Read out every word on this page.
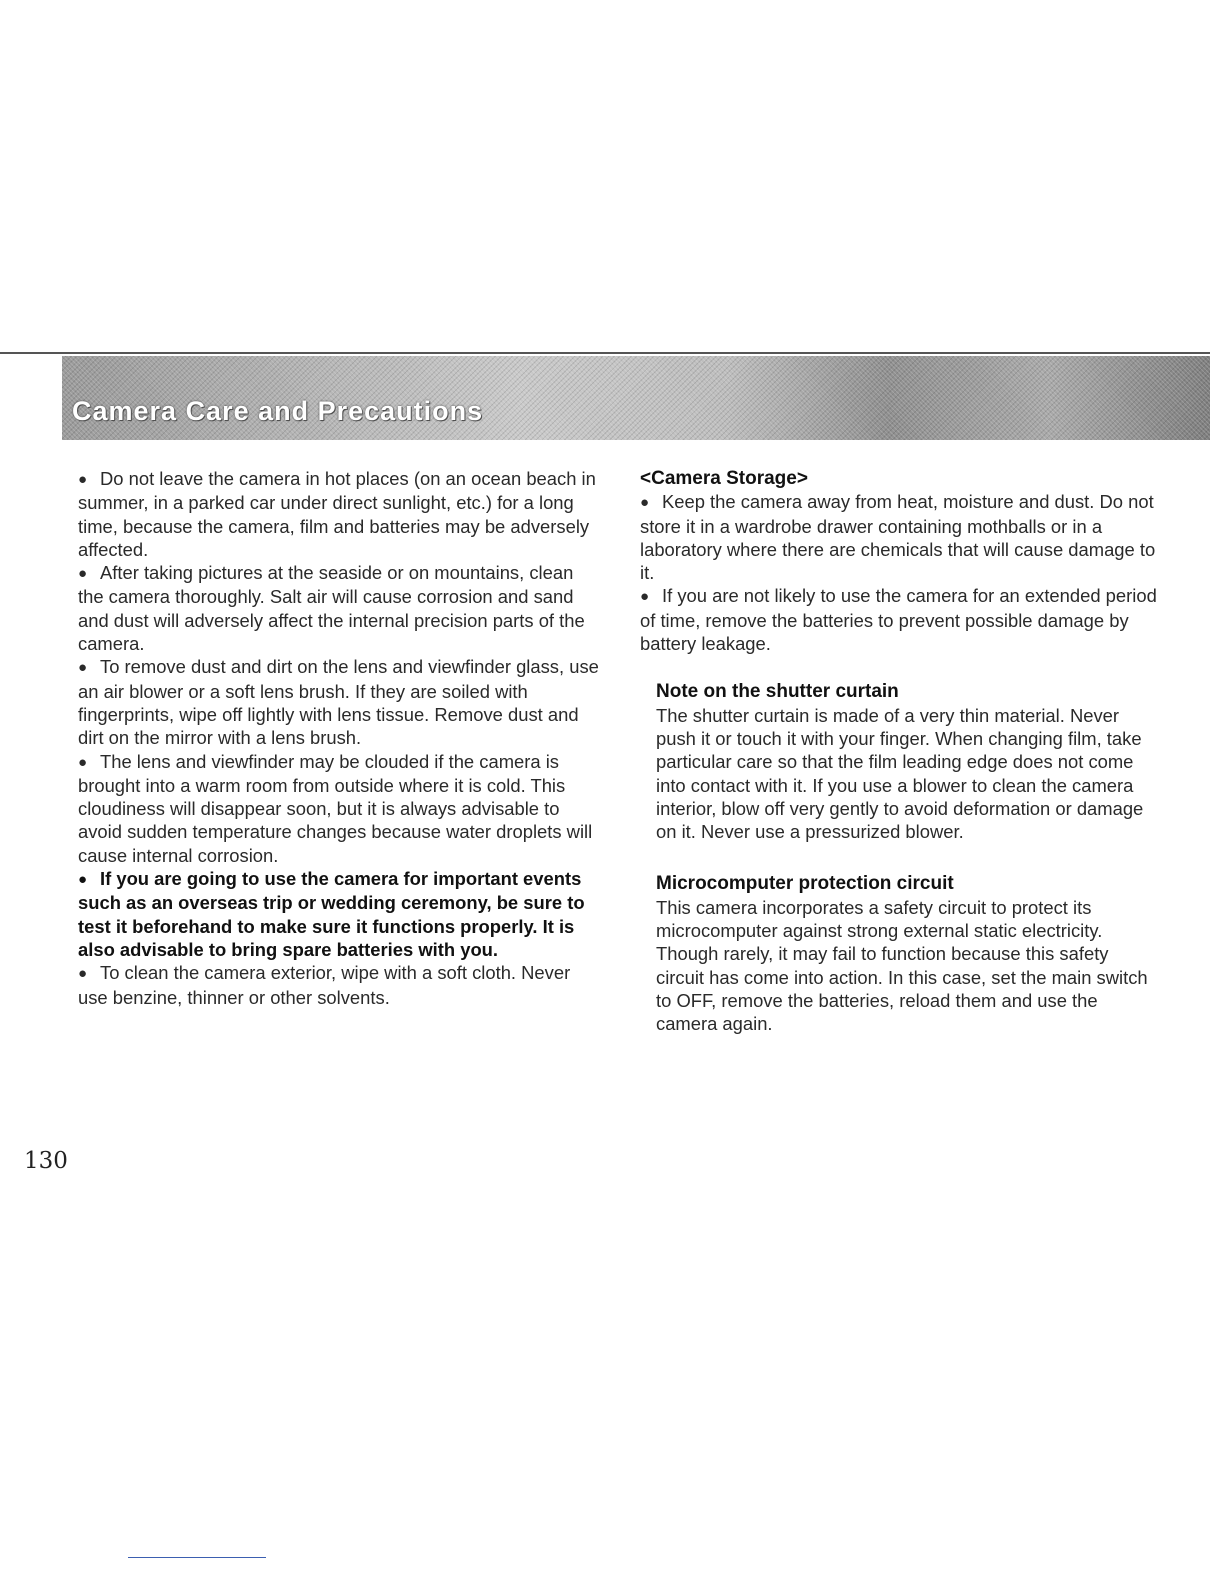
Camera Care and Precautions

● Do not leave the camera in hot places (on an ocean beach in summer, in a parked car under direct sunlight, etc.) for a long time, because the camera, film and batteries may be adversely affected.

● After taking pictures at the seaside or on mountains, clean the camera thoroughly. Salt air will cause corrosion and sand and dust will adversely affect the internal precision parts of the camera.

● To remove dust and dirt on the lens and viewfinder glass, use an air blower or a soft lens brush. If they are soiled with fingerprints, wipe off lightly with lens tissue. Remove dust and dirt on the mirror with a lens brush.

● The lens and viewfinder may be clouded if the camera is brought into a warm room from outside where it is cold. This cloudiness will disappear soon, but it is always advisable to avoid sudden temperature changes because water droplets will cause internal corrosion.

● If you are going to use the camera for important events such as an overseas trip or wedding ceremony, be sure to test it beforehand to make sure it functions properly. It is also advisable to bring spare batteries with you.

● To clean the camera exterior, wipe with a soft cloth. Never use benzine, thinner or other solvents.

<Camera Storage>

● Keep the camera away from heat, moisture and dust. Do not store it in a wardrobe drawer containing mothballs or in a laboratory where there are chemicals that will cause damage to it.

● If you are not likely to use the camera for an extended period of time, remove the batteries to prevent possible damage by battery leakage.

Note on the shutter curtain

The shutter curtain is made of a very thin material. Never push it or touch it with your finger. When changing film, take particular care so that the film leading edge does not come into contact with it. If you use a blower to clean the camera interior, blow off very gently to avoid deformation or damage on it. Never use a pressurized blower.

Microcomputer protection circuit

This camera incorporates a safety circuit to protect its microcomputer against strong external static electricity. Though rarely, it may fail to function because this safety circuit has come into action. In this case, set the main switch to OFF, remove the batteries, reload them and use the camera again.

130
